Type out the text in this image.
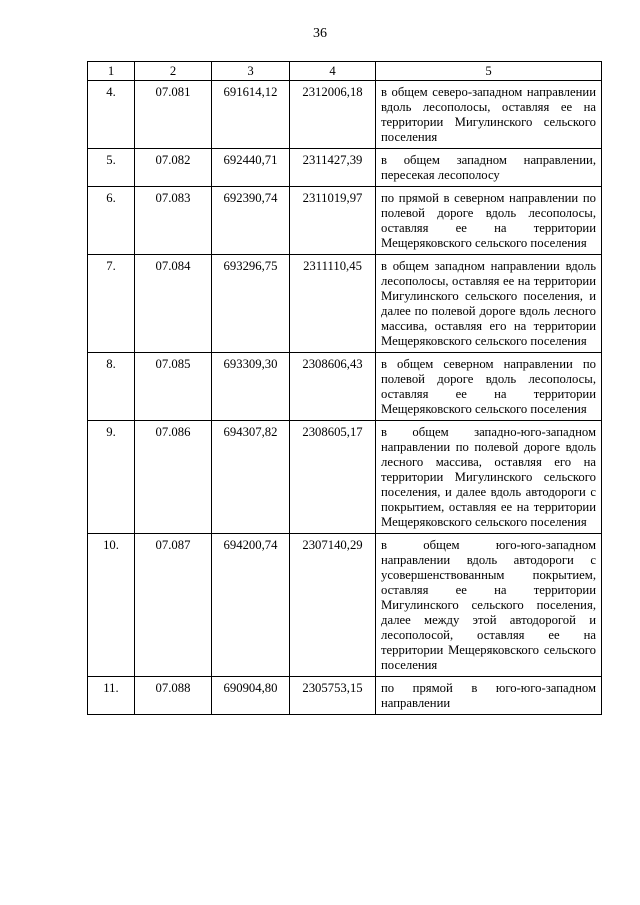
36
1	2	3	4	5
4.	07.081	691614,12	2312006,18	в общем северо-западном направлении вдоль лесополосы, оставляя ее на территории Мигулинского сельского поселения
5.	07.082	692440,71	2311427,39	в общем западном направлении, пересекая лесополосу
6.	07.083	692390,74	2311019,97	по прямой в северном направлении по полевой дороге вдоль лесополосы, оставляя ее на территории Мещеряковского сельского поселения
7.	07.084	693296,75	2311110,45	в общем западном направлении вдоль лесополосы, оставляя ее на территории Мигулинского сельского поселения, и далее по полевой дороге вдоль лесного массива, оставляя его на территории Мещеряковского сельского поселения
8.	07.085	693309,30	2308606,43	в общем северном направлении по полевой дороге вдоль лесополосы, оставляя ее на территории Мещеряковского сельского поселения
9.	07.086	694307,82	2308605,17	в общем западно-юго-западном направлении по полевой дороге вдоль лесного массива, оставляя его на территории Мигулинского сельского поселения, и далее вдоль автодороги с покрытием, оставляя ее на территории Мещеряковского сельского поселения
10.	07.087	694200,74	2307140,29	в общем юго-юго-западном направлении вдоль автодороги с усовершенствованным покрытием, оставляя ее на территории Мигулинского сельского поселения, далее между этой автодорогой и лесополосой, оставляя ее на территории Мещеряковского сельского поселения
11.	07.088	690904,80	2305753,15	по прямой в юго-юго-западном направлении
